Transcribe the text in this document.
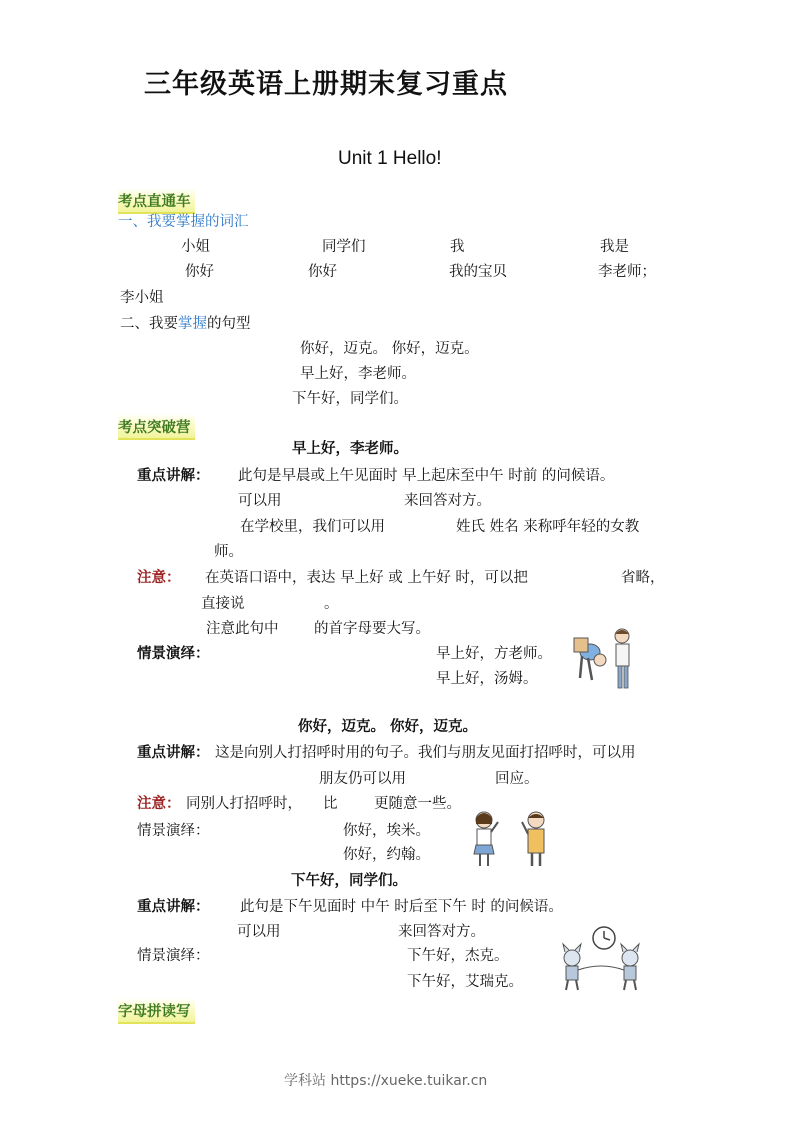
三年级英语上册期末复习重点
Unit 1 Hello!
考点直通车
一、我要掌握的词汇
小姐	同学们	我	我是
你好	你好	我的宝贝	李老师；
李小姐
二、我要掌握的句型
你好，迈克。 你好，迈克。
早上好，李老师。
下午好，同学们。
考点突破营
早上好，李老师。
重点讲解： 此句是早晨或上午见面时 早上起床至中午 时前 的问候语。
可以用	来回答对方。
在学校里，我们可以用	姓氏 姓名 来称呼年轻的女教
师。
注意： 在英语口语中，表达 早上好 或 上午好 时，可以把	省略，
直接说	。
注意此句中 的首字母要大写。
情景演绎：	早上好，方老师。
早上好，汤姆。
你好，迈克。 你好，迈克。
重点讲解： 这是向别人打招呼时用的句子。我们与朋友见面打招呼时，可以用
朋友仍可以用	回应。
注意： 同别人打招呼时， 比	更随意一些。
情景演绎：	你好，埃米。
你好，约翰。
下午好，同学们。
重点讲解： 此句是下午见面时 中午 时后至下午 时 的问候语。
可以用	来回答对方。
情景演绎：	下午好，杰克。
下午好，艾瑞克。
字母拼读写
学科站 https://xueke.tuikar.cn
